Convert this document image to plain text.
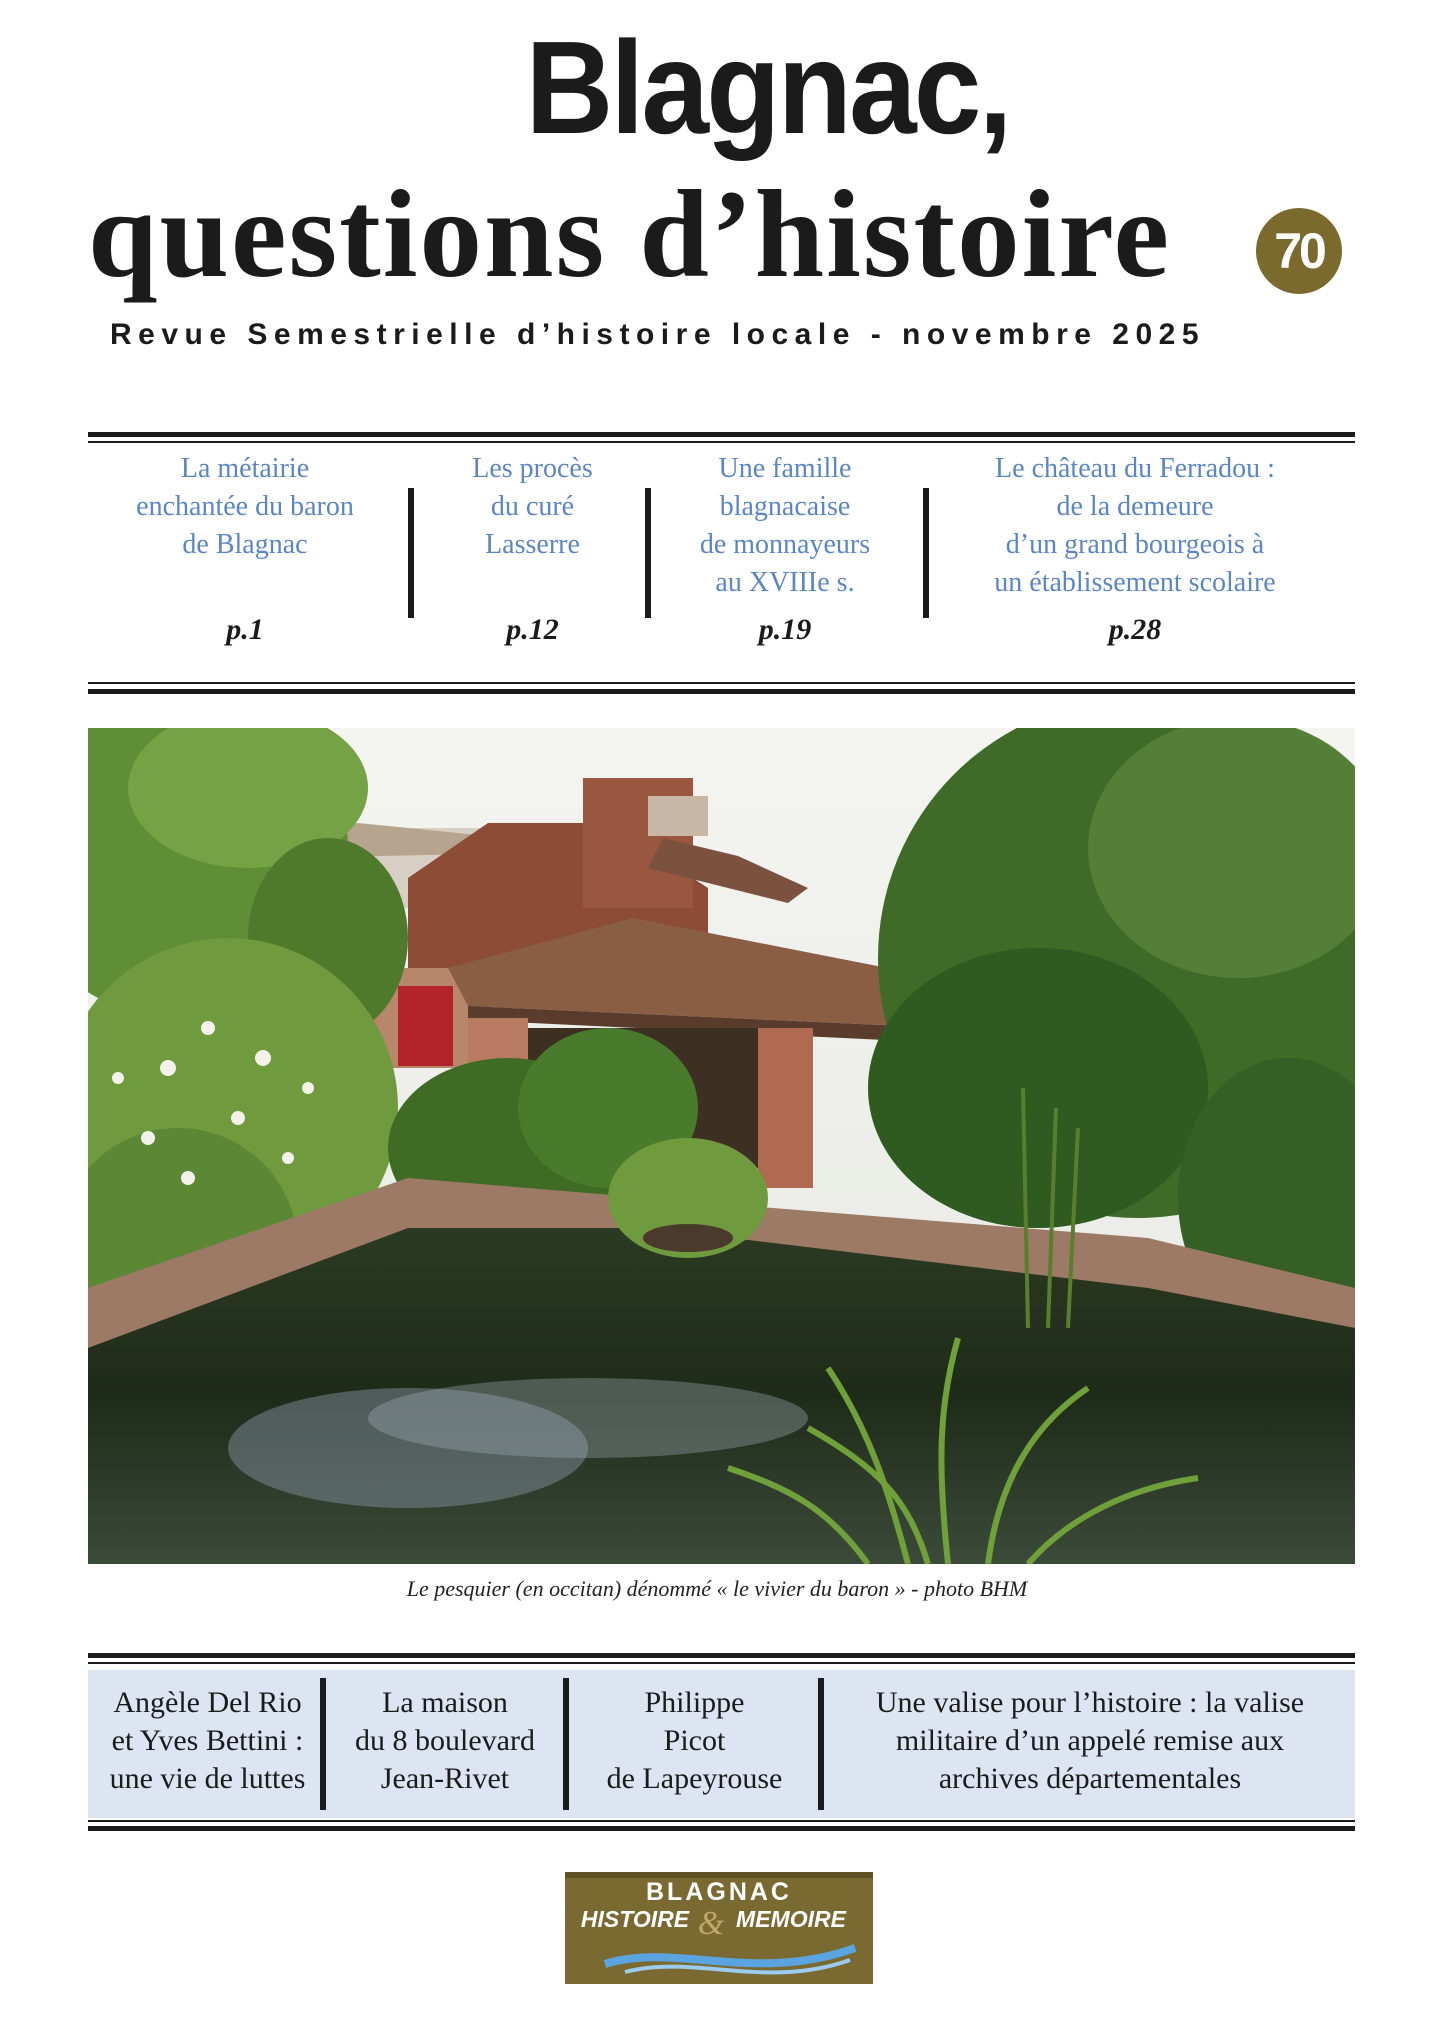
Blagnac,
questions d’histoire	70
Revue Semestrielle d’histoire locale - novembre 2025
La métairie
enchantée du baron
de Blagnac
p.1
Les procès
du curé
Lasserre
p.12
Une famille
blagnacaise
de monnayeurs
au XVIIIe s.
p.19
Le château du Ferradou :
de la demeure
d’un grand bourgeois à
un établissement scolaire
p.28
Le pesquier (en occitan) dénommé « le vivier du baron » - photo BHM
Angèle Del Rio
et Yves Bettini :
une vie de luttes
La maison
du 8 boulevard
Jean-Rivet
Philippe
Picot
de Lapeyrouse
Une valise pour l’histoire : la valise
militaire d’un appelé remise aux
archives départementales
BLAGNAC
HISTOIRE & MEMOIRE
